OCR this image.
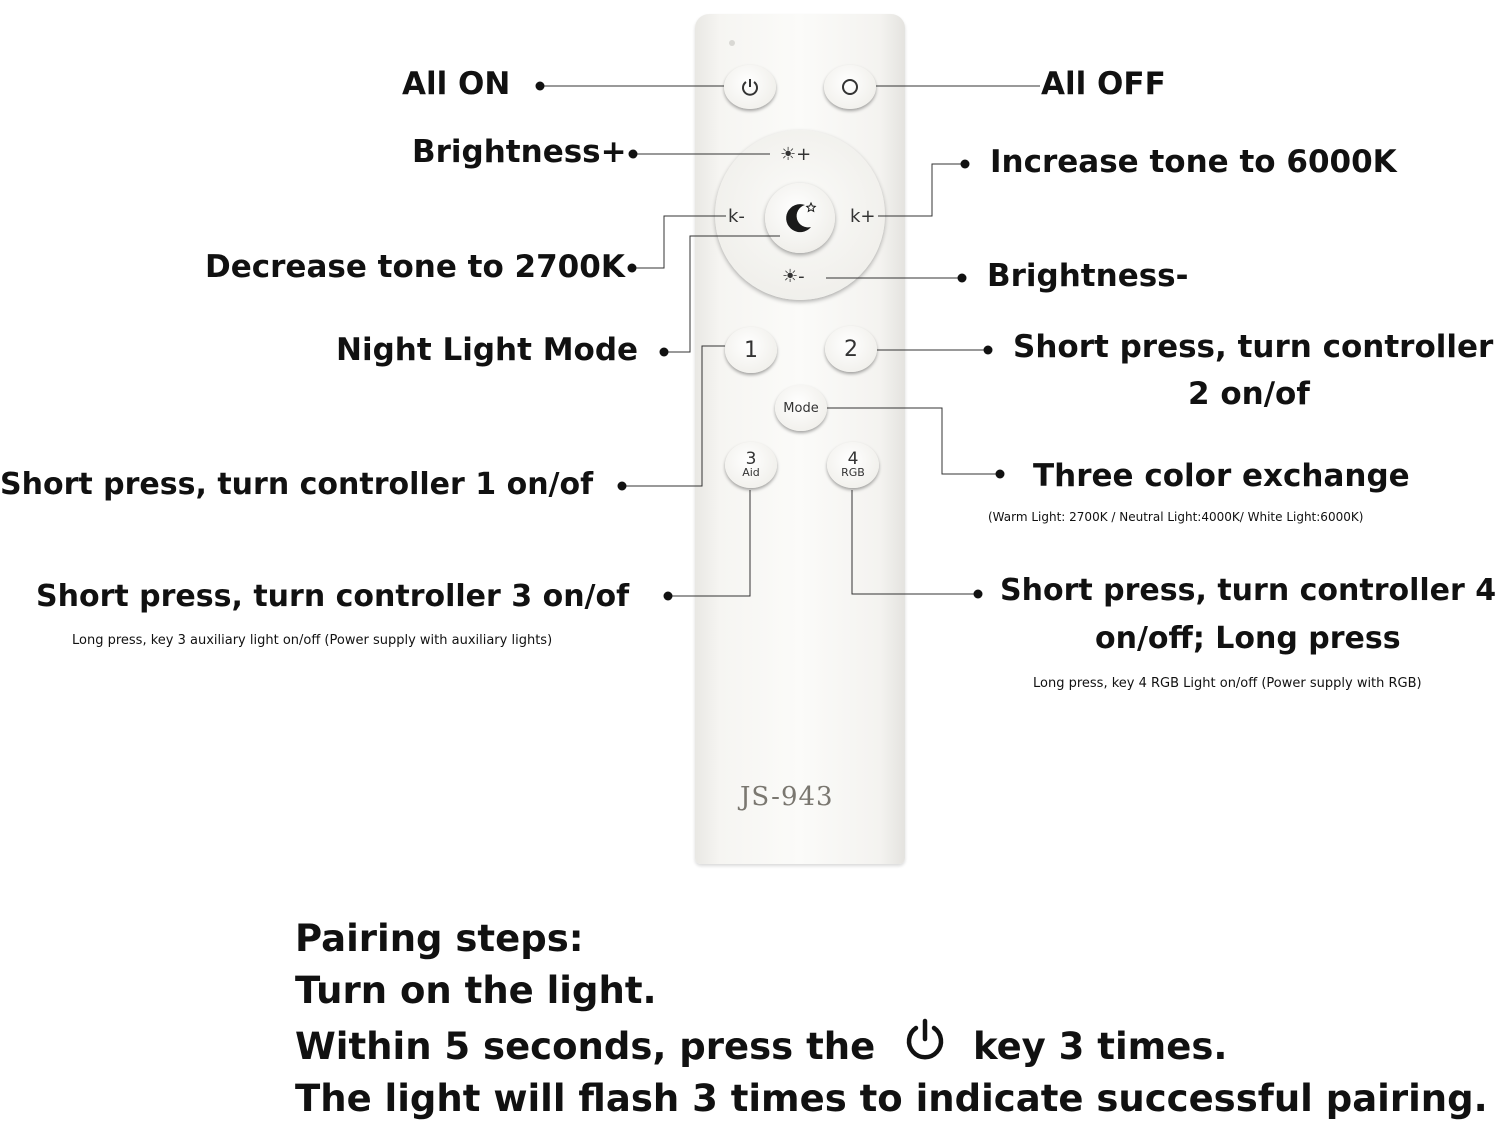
☀+
☀-
k-	k+
1	2
Mode
3
Aid
4
RGB
JS-943
All ON	All OFF
Brightness+	Increase tone to 6000K
Decrease tone to 2700K	Brightness-
Night Light Mode	Short press, turn controller
2 on/of
Short press, turn controller 1 on/of	Three color exchange
(Warm Light: 2700K / Neutral Light:4000K/ White Light:6000K)
Short press, turn controller 3 on/of
Long press, key 3 auxiliary light on/off (Power supply with auxiliary lights)
Short press, turn controller 4
on/off; Long press
Long press, key 4 RGB Light on/off (Power supply with RGB)
Pairing steps:
Turn on the light.
Within 5 seconds, press the	key 3 times.
The light will flash 3 times to indicate successful pairing.
